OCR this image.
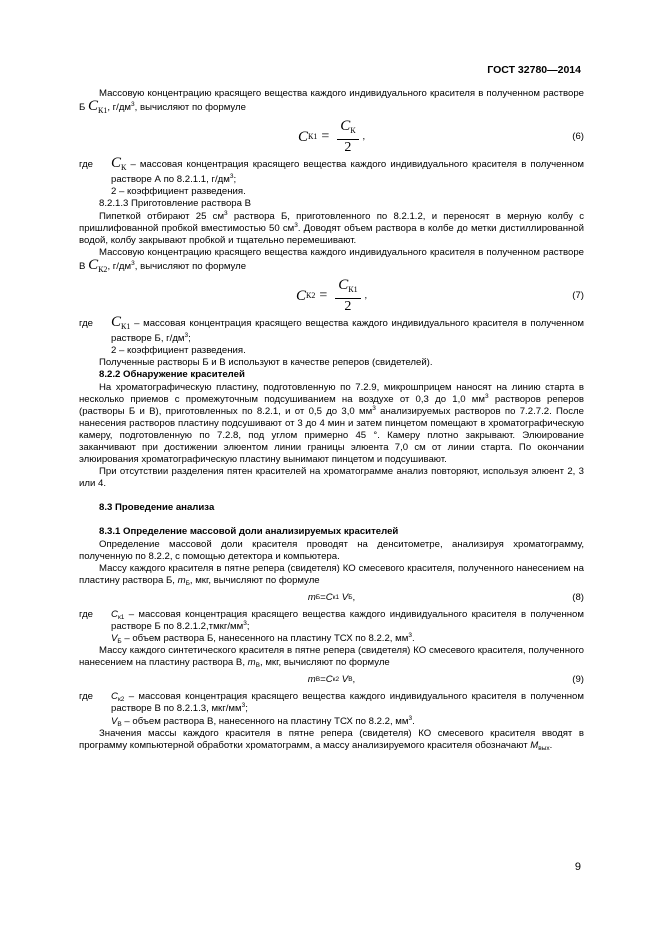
ГОСТ 32780—2014

Массовую концентрацию красящего вещества каждого индивидуального красителя в полученном растворе Б $C_{К1}$, $г/дм^3$, вычисляют по формуле

C $К1 = \frac{C_К}{2}$ ,	(6)
где	$C_К$ – массовая концентрация красящего вещества каждого индивидуального красителя в полученном растворе А по 8.2.1.1, $г/дм^3$;

2 – коэффициент разведения.

8.2.1.3 Приготовление раствора В

Пипеткой отбирают 25 $см^3$ раствора Б, приготовленного по 8.2.1.2, и переносят в мерную колбу с пришлифованной пробкой вместимостью 50 $см^3$. Доводят объем раствора в колбе до метки дистиллированной водой, колбу закрывают пробкой и тщательно перемешивают.

Массовую концентрацию красящего вещества каждого индивидуального красителя в полученном растворе В $C_{К2}$, $г/дм^3$, вычисляют по формуле

C $К2 = \frac{C_{К1}}{2}$ ,	(7)
где	$C_{К1}$ – массовая концентрация красящего вещества каждого индивидуального красителя в полученном растворе Б, $г/дм^3$;

2 – коэффициент разведения.

Полученные растворы Б и В используют в качестве реперов (свидетелей).

8.2.2 Обнаружение красителей

На хроматографическую пластину, подготовленную по 7.2.9, микрошприцем наносят на линию старта в несколько приемов с промежуточным подсушиванием на воздухе от 0,3 до 1,0 $мм^3$ растворов реперов (растворы Б и В), приготовленных по 8.2.1, и от 0,5 до 3,0 $мм^3$ анализируемых растворов по 7.2.7.2. После нанесения растворов пластину подсушивают от 3 до 4 мин и затем пинцетом помещают в хроматографическую камеру, подготовленную по 7.2.8, под углом примерно 45 °. Камеру плотно закрывают. Элюирование заканчивают при достижении элюентом линии границы элюента 7,0 см от линии старта. По окончании элюирования хроматографическую пластину вынимают пинцетом и подсушивают.

При отсутствии разделения пятен красителей на хроматограмме анализ повторяют, используя элюент 2, 3 или 4.

8.3 Проведение анализа

8.3.1 Определение массовой доли анализируемых красителей

Определение массовой доли красителя проводят на денситометре, анализируя хроматограмму, полученную по 8.2.2, с помощью детектора и компьютера.

Массу каждого красителя в пятне репера (свидетеля) КО смесевого красителя, полученного нанесением на пластину раствора Б, $m_Б$, мкг, вычисляют по формуле

m Б = C к1
V Б ,	(8)
где	$C_{к1}$ – массовая концентрация красящего вещества каждого индивидуального красителя в полученном растворе Б по $8.2.1.2,тмкг/мм^3$;

$V_Б$ – объем раствора Б, нанесенного на пластину ТСХ по 8.2.2, $мм^3$.

Массу каждого синтетического красителя в пятне репера (свидетеля) КО смесевого красителя, полученного нанесением на пластину раствора В, $m_В$, мкг, вычисляют по формуле

m В = C к2
V В ,	(9)
где	$C_{к2}$ – массовая концентрация красящего вещества каждого индивидуального красителя в полученном растворе В по 8.2.1.3, мкг/$мм^3$;

$V_В$ – объем раствора В, нанесенного на пластину ТСХ по 8.2.2, $мм^3$.

Значения массы каждого красителя в пятне репера (свидетеля) КО смесевого красителя вводят в программу компьютерной обработки хроматограмм, а массу анализируемого красителя обозначают $M_{вых}$.

9
